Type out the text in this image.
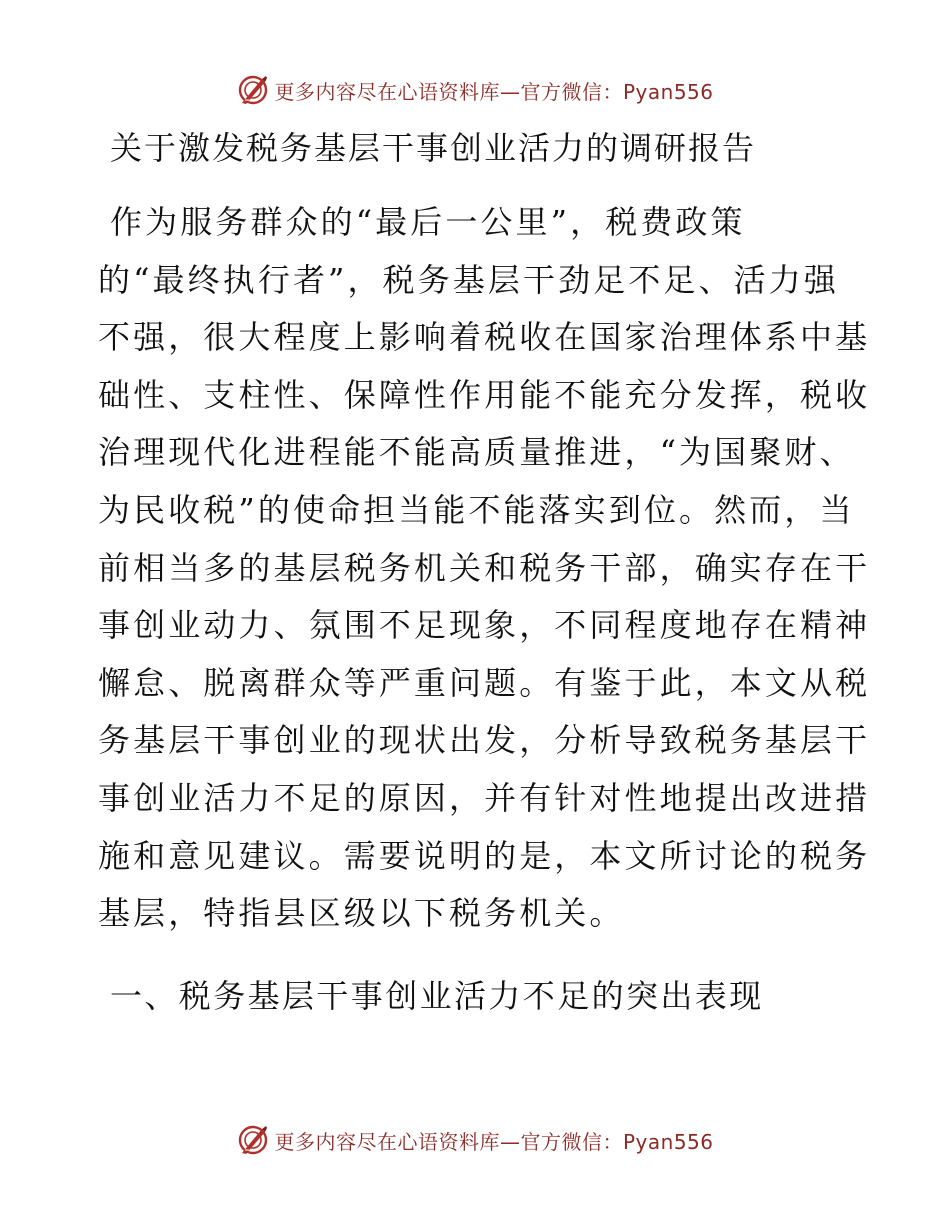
更多内容尽在心语资料库—官方微信：Pyan556
关于激发税务基层干事创业活力的调研报告
作为服务群众的“最后一公里”，税费政策
的“最终执行者”，税务基层干劲足不足、活力强
不强，很大程度上影响着税收在国家治理体系中基
础性、支柱性、保障性作用能不能充分发挥，税收
治理现代化进程能不能高质量推进，“为国聚财、
为民收税”的使命担当能不能落实到位。然而，当
前相当多的基层税务机关和税务干部，确实存在干
事创业动力、氛围不足现象，不同程度地存在精神
懈怠、脱离群众等严重问题。有鉴于此，本文从税
务基层干事创业的现状出发，分析导致税务基层干
事创业活力不足的原因，并有针对性地提出改进措
施和意见建议。需要说明的是，本文所讨论的税务
基层，特指县区级以下税务机关。
一、税务基层干事创业活力不足的突出表现
更多内容尽在心语资料库—官方微信：Pyan556
